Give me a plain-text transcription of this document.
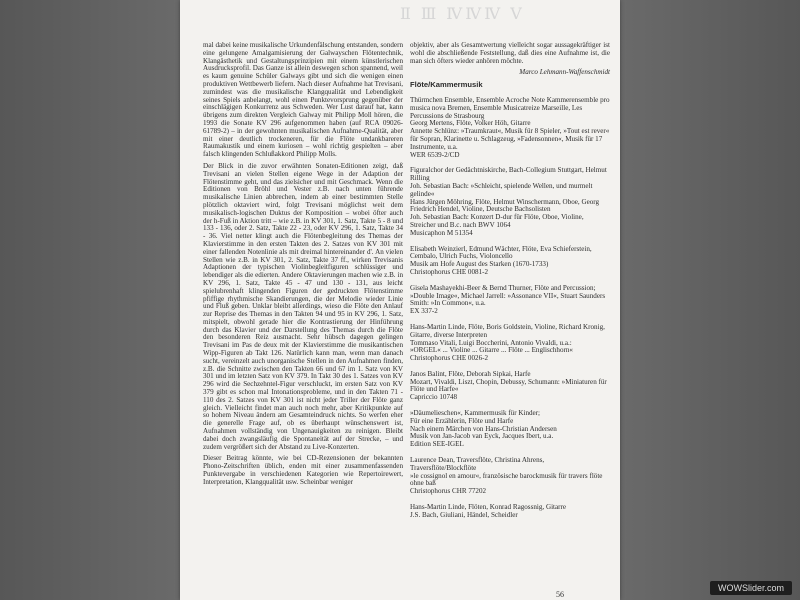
Ⅱ Ⅲ ⅣⅣⅣ Ⅴ

mal dabei keine musikalische Urkundenfälschung entstanden, sondern eine gelungene Amalgamisierung der Galwayschen Flötentechnik, Klangästhetik und Gestaltungsprinzipien mit einem künstlerischen Ausdrucksprofil. Das Ganze ist allein deswegen schon spannend, weil es kaum genuine Schüler Galways gibt und sich die wenigen einen produktiven Wettbewerb liefern. Nach dieser Aufnahme hat Trevisani, zumindest was die musikalische Klangqualität und Lebendigkeit seines Spiels anbelangt, wohl einen Punktevorsprung gegenüber der einschlägigen Konkurrenz aus Schweden. Wer Lust darauf hat, kann übrigens zum direkten Vergleich Galway mit Philipp Moll hören, die 1993 die Sonate KV 296 aufgenommen haben (auf RCA 09026-61789-2) – in der gewohnten musikalischen Aufnahme-Qualität, aber mit einer deutlich trockeneren, für die Flöte undankbareren Raumakustik und einem kuriosen – wohl richtig gespielten – aber falsch klingenden Schlußakkord Philipp Molls.

Der Blick in die zuvor erwähnten Sonaten-Editionen zeigt, daß Trevisani an vielen Stellen eigene Wege in der Adaption der Flötenstimme geht, und das zielsicher und mit Geschmack. Wenn die Editionen von Bröhl und Vester z.B. nach unten führende musikalische Linien abbrechen, indem ab einer bestimmten Stelle plötzlich oktaviert wird, folgt Trevisani möglichst weit dem musikalisch-logischen Duktus der Komposition – wobei öfter auch der h-Fuß in Aktion tritt – wie z.B. in KV 301, 1. Satz, Takte 5 - 8 und 133 - 136, oder 2. Satz, Takte 22 - 23, oder KV 296, 1. Satz, Takte 34 - 36. Viel netter klingt auch die Flötenbegleitung des Themas der Klavierstimme in den ersten Takten des 2. Satzes von KV 301 mit einer fallenden Notenlinie als mit dreimal hintereinander d'. An vielen Stellen wie z.B. in KV 301, 2. Satz, Takte 37 ff., wirken Trevisanis Adaptionen der typischen Violinbegleitfiguren schlüssiger und lebendiger als die edierten. Andere Oktavierungen machen wie z.B. in KV 296, 1. Satz, Takte 45 - 47 und 130 - 131, aus leicht spielubrenhaft klingenden Figuren der gedruckten Flötenstimme pfiffige rhythmische Skandierungen, die der Melodie wieder Linie und Fluß geben. Unklar bleibt allerdings, wieso die Flöte den Anlauf zur Reprise des Themas in den Takten 94 und 95 in KV 296, 1. Satz, mitspielt, obwohl gerade hier die Kontrastierung der Hinführung durch das Klavier und der Darstellung des Themas durch die Flöte den besonderen Reiz ausmacht. Sehr hübsch dagegen gelingen Trevisani im Pas de deux mit der Klavierstimme die musikantischen Wipp-Figuren ab Takt 126. Natürlich kann man, wenn man danach sucht, vereinzelt auch unorganische Stellen in den Aufnahmen finden, z.B. die Schnitte zwischen den Takten 66 und 67 im 1. Satz von KV 301 und im letzten Satz von KV 379. In Takt 30 des 1. Satzes von KV 296 wird die Sechzehntel-Figur verschluckt, im ersten Satz von KV 379 gibt es schon mal Intonationsprobleme, und in den Takten 71 - 110 des 2. Satzes von KV 301 ist nicht jeder Triller der Flöte ganz gleich. Vielleicht findet man auch noch mehr, aber Kritikpunkte auf so hohem Niveau ändern am Gesamteindruck nichts. So werfen eher die generelle Frage auf, ob es überhaupt wünschenswert ist, Aufnahmen vollständig von Ungenauigkeiten zu reinigen. Bleibt dabei doch zwangsläufig die Spontaneität auf der Strecke, – und zudem vergrößert sich der Abstand zu Live-Konzerten.

Dieser Beitrag könnte, wie bei CD-Rezensionen der bekannten Phono-Zeitschriften üblich, enden mit einer zusammenfassenden Punktevergabe in verschiedenen Kategorien wie Repertoirewert, Interpretation, Klangqualität usw. Scheinbar weniger

objektiv, aber als Gesamtwertung vielleicht sogar aussagekräftiger ist wohl die abschließende Feststellung, daß dies eine Aufnahme ist, die man sich öfters wieder anhören möchte.

Marco Lehmann-Waffenschmidt

Flöte/Kammermusik
Thürmchen Ensemble, Ensemble Acroche Note Kammerensemble pro musica nova Bremen, Ensemble Musicatreize Marseille, Les Percussions de Strasbourg
Georg Mertens, Flöte, Volker Höh, Gitarre
Annette Schlünz: »Traumkraut«, Musik für 8 Spieler, »Tout est rever« für Sopran, Klarinette u. Schlagzeug, »Fadensonnen«, Musik für 17 Instrumente, u.a.
WER 6539-2/CD
Figuralchor der Gedächtniskirche, Bach-Collegium Stuttgart, Helmut Rilling
Joh. Sebastian Bach: »Schleicht, spielende Wellen, und murmelt gelinde«
Hans Jürgen Möhring, Flöte, Helmut Winschermann, Oboe, Georg Friedrich Hendel, Violine, Deutsche Bachsolisten
Joh. Sebastian Bach: Konzert D-dur für Flöte, Oboe, Violine, Streicher und B.c. nach BWV 1064
Musicaphon M 51354
Elisabeth Weinzierl, Edmund Wächter, Flöte, Eva Schieferstein, Cembalo, Ulrich Fuchs, Violoncello
Musik am Hofe August des Starken (1670-1733)
Christophorus CHE 0081-2
Gisela Mashayekhi-Beer & Bernd Thurner, Flöte and Percussion;
»Double Image«, Michael Jarrell: »Assonance VII«, Stuart Saunders Smith: »In Common«, u.a.
EX 337-2
Hans-Martin Linde, Flöte, Boris Goldstein, Violine, Richard Kronig, Gitarre, diverse Interpreten
Tommaso Vitali, Luigi Boccherini, Antonio Vivaldi, u.a.:
»ORGEL« ... Violine ... Gitarre ... Flöte ... Englischhorn«
Christophorus CHE 0026-2
Janos Balint, Flöte, Deborah Sipkai, Harfe
Mozart, Vivaldi, Liszt, Chopin, Debussy, Schumann: »Miniaturen für Flöte und Harfe«
Capriccio 10748
»Däumelieschen«, Kammermusik für Kinder;
Für eine Erzählerin, Flöte und Harfe
Nach einem Märchen von Hans-Christian Andersen
Musik von Jan-Jacob van Eyck, Jacques Ibert, u.a.
Edition SEE-IGEL
Laurence Dean, Traversflöte, Christina Ahrens, Traversflöte/Blockflöte
»le cossignol en amour«, französische barockmusik für travers flöte ohne baß
Christophorus CHR 77202
Hans-Martin Linde, Flöten, Konrad Ragossnig, Gitarre
J.S. Bach, Giuliani, Händel, Scheidler
56
WOWSlider.com
